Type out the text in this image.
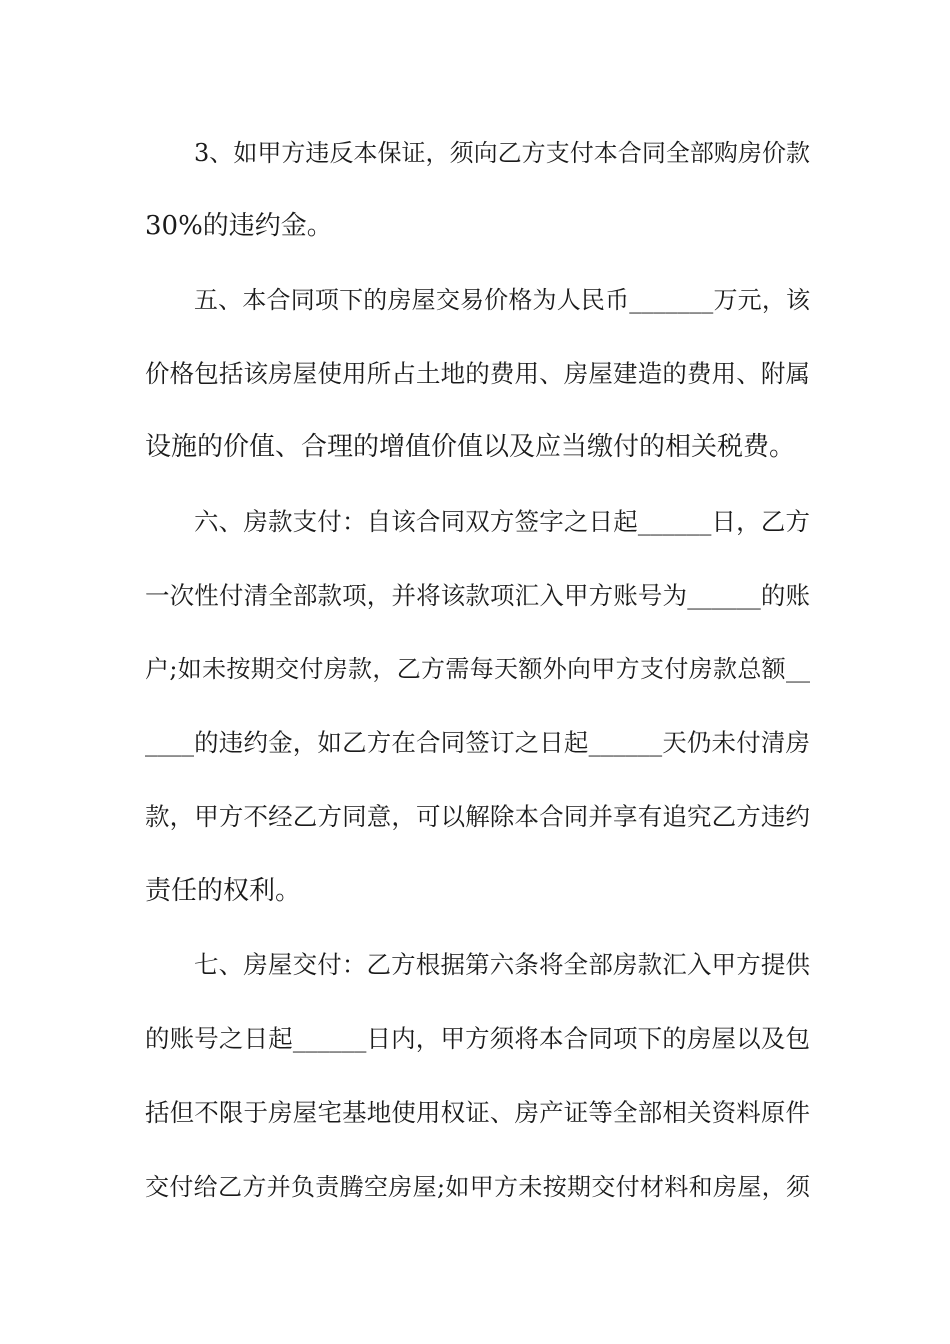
3、如甲方违反本保证，须向乙方支付本合同全部购房价款
30%的违约金。
五、本合同项下的房屋交易价格为人民币_______万元，该
价格包括该房屋使用所占土地的费用、房屋建造的费用、附属
设施的价值、合理的增值价值以及应当缴付的相关税费。
六、房款支付：自该合同双方签字之日起______日，乙方
一次性付清全部款项，并将该款项汇入甲方账号为______的账
户;如未按期交付房款，乙方需每天额外向甲方支付房款总额__
____的违约金，如乙方在合同签订之日起______天仍未付清房
款，甲方不经乙方同意，可以解除本合同并享有追究乙方违约
责任的权利。
七、房屋交付：乙方根据第六条将全部房款汇入甲方提供
的账号之日起______日内，甲方须将本合同项下的房屋以及包
括但不限于房屋宅基地使用权证、房产证等全部相关资料原件
交付给乙方并负责腾空房屋;如甲方未按期交付材料和房屋，须
